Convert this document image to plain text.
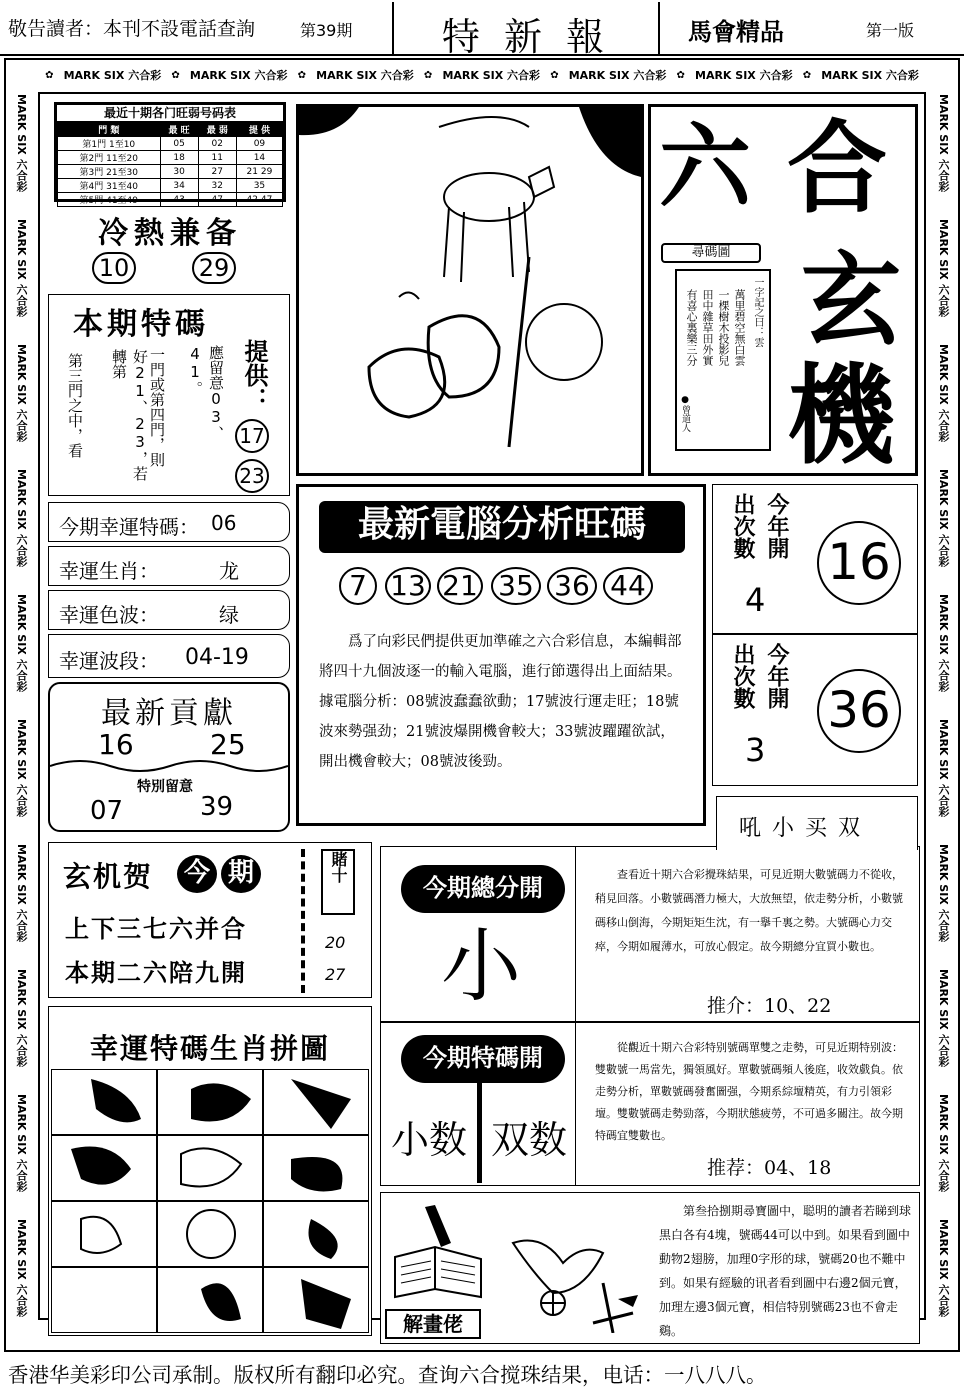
敬告讀者：本刊不設電話查詢	第39期	特 新 報	馬會精品	第一版
✿ MARK SIX 六合彩 ✿ MARK SIX 六合彩 ✿ MARK SIX 六合彩 ✿ MARK SIX 六合彩 ✿ MARK SIX 六合彩 ✿ MARK SIX 六合彩 ✿ MARK SIX 六合彩
MARK SIX 六合彩
MARK SIX 六合彩
MARK SIX 六合彩
MARK SIX 六合彩
MARK SIX 六合彩
MARK SIX 六合彩
MARK SIX 六合彩
MARK SIX 六合彩
MARK SIX 六合彩
MARK SIX 六合彩
MARK SIX 六合彩
MARK SIX 六合彩
MARK SIX 六合彩
MARK SIX 六合彩
MARK SIX 六合彩
MARK SIX 六合彩
MARK SIX 六合彩
MARK SIX 六合彩
MARK SIX 六合彩
MARK SIX 六合彩
最近十期各门旺弱号码表
門 類	最 旺	最 弱	提 供
第1門 1至10	05	02	09
第2門 11至20	18	11	14
第3門 21至30	30	27	21 29
第4門 31至40	34	32	35
第5門 41至49	43	47	42 47
冷熱兼备
10	29
本期特碼
應留意03、41。
一門或第四門，則
好21、23，若轉第
第三門之中，看	提供：
17
23
今期幸運特碼： 06
幸運生肖：	龙
幸運色波：	绿
幸運波段： 04-19
最新貢獻
16	25
特別留意
07	39
六 合
玄
機
尋碼圖
一字記之曰：雲
萬里碧空無白雲
一棵樹木投影兒
田中雜草田外實
有喜心裏樂三分
●曾道人
最新電腦分析旺碼
7 13 21 35 36 44
爲了向彩民們提供更加準確之六合彩信息，本編輯部將四十九個波逐一的輸入電腦，進行節選得出上面結果。據電腦分析：08號波蠢蠢欲動；17號波行運走旺；18號波來勢强劲；21號波爆開機會較大；33號波躍躍欲試，開出機會較大；08號波後勁。
今年開
出次數
4
16
今年開
出次數
3
36
玄机贺 今 期
上下三七六并合
本期二六陪九開
賭十
20
27
幸運特碼生肖拼圖
今期總分開
小
查看近十期六合彩攪珠結果，可見近期大數號碼力不從收，稍見回落。小數號碼潛力極大，大放無望，依走勢分析，小數號碼移山倒海，今期矩矩生沈，有一擧千裏之勢。大號碼心力交瘁，今期如履薄水，可放心假定。故今期總分宜買小數也。
推介：10、22
吼 小 买 双
今期特碼開
小数 双数
從觀近十期六合彩特别號碼單雙之走勢，可見近期特别波：雙數號一馬當先，獨領風好。單數號碼頻人後庭，收效戲負。依走勢分析，單數號碼發奮圖强，今期系綜壇精英，有力引領彩壇。雙數號碼走勢勁落，今期狀態疲勞，不可過多關注。故今期特碼宜雙數也。
推荐：04、18
解畫佬
第叁拾捌期尋寶圖中，聪明的讀者若睇到球黒白各有4塊，號碼44可以中到。如果看到圖中動物2翅膀，加理0字形的球，號碼20也不難中到。如果有經驗的讯者看到圖中右邊2個元寶，加理左邊3個元寶，相信特别號碼23也不會走鷄。
香港华美彩印公司承制。版权所有翻印必究。查询六合搅珠结果，电话：一八八八。
